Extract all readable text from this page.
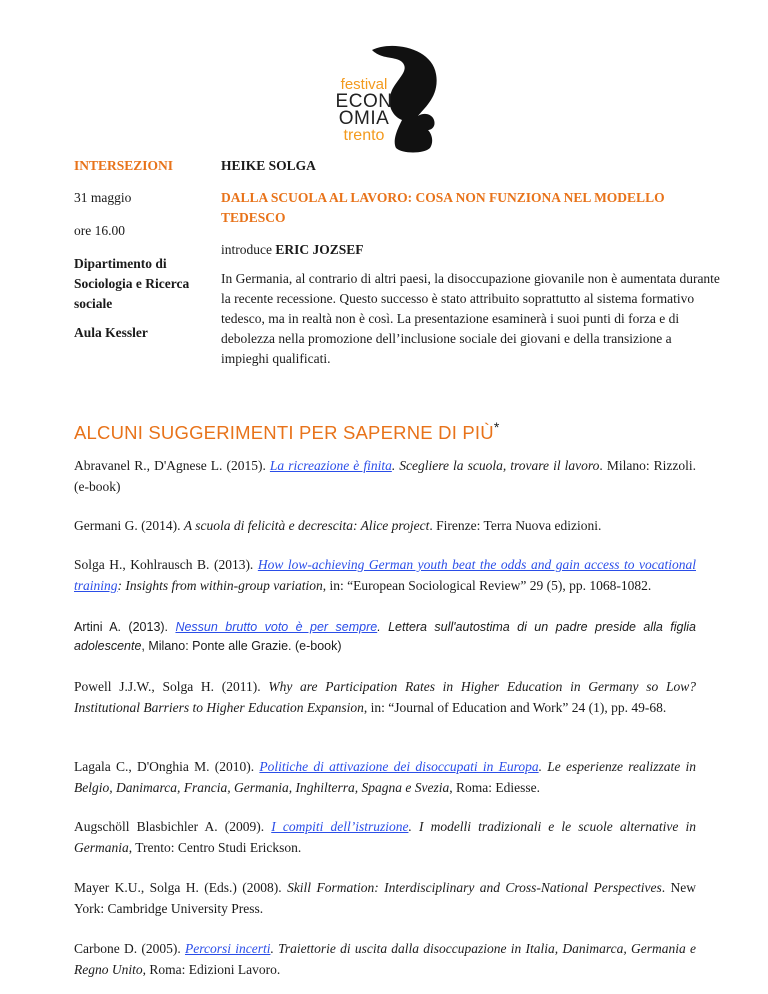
festival
ECON
OMIA
trento
INTERSEZIONI
31 maggio
ore 16.00
Dipartimento di Sociologia e Ricerca sociale
Aula Kessler
HEIKE SOLGA
DALLA SCUOLA AL LAVORO: COSA NON FUNZIONA NEL MODELLO TEDESCO
introduce ERIC JOZSEF
In Germania, al contrario di altri paesi, la disoccupazione giovanile non è aumentata durante la recente recessione. Questo successo è stato attribuito soprattutto al sistema formativo tedesco, ma in realtà non è così. La presentazione esaminerà i suoi punti di forza e di debolezza nella promozione dell’inclusione sociale dei giovani e della transizione a impieghi qualificati.
ALCUNI SUGGERIMENTI PER SAPERNE DI PIÙ*
Abravanel R., D'Agnese L. (2015). La ricreazione è finita. Scegliere la scuola, trovare il lavoro. Milano: Rizzoli. (e-book)
Germani G. (2014). A scuola di felicità e decrescita: Alice project. Firenze: Terra Nuova edizioni.
Solga H., Kohlrausch B. (2013). How low-achieving German youth beat the odds and gain access to vocational training: Insights from within-group variation, in: “European Sociological Review” 29 (5), pp. 1068-1082.
Artini A. (2013). Nessun brutto voto è per sempre. Lettera sull'autostima di un padre preside alla figlia adolescente, Milano: Ponte alle Grazie. (e-book)
Powell J.J.W., Solga H. (2011). Why are Participation Rates in Higher Education in Germany so Low? Institutional Barriers to Higher Education Expansion, in: “Journal of Education and Work” 24 (1), pp. 49-68.
Lagala C., D'Onghia M. (2010). Politiche di attivazione dei disoccupati in Europa. Le esperienze realizzate in Belgio, Danimarca, Francia, Germania, Inghilterra, Spagna e Svezia, Roma: Ediesse.
Augschöll Blasbichler A. (2009). I compiti dell’istruzione. I modelli tradizionali e le scuole alternative in Germania, Trento: Centro Studi Erickson.
Mayer K.U., Solga H. (Eds.) (2008). Skill Formation: Interdisciplinary and Cross-National Perspectives. New York: Cambridge University Press.
Carbone D. (2005). Percorsi incerti. Traiettorie di uscita dalla disoccupazione in Italia, Danimarca, Germania e Regno Unito, Roma: Edizioni Lavoro.
